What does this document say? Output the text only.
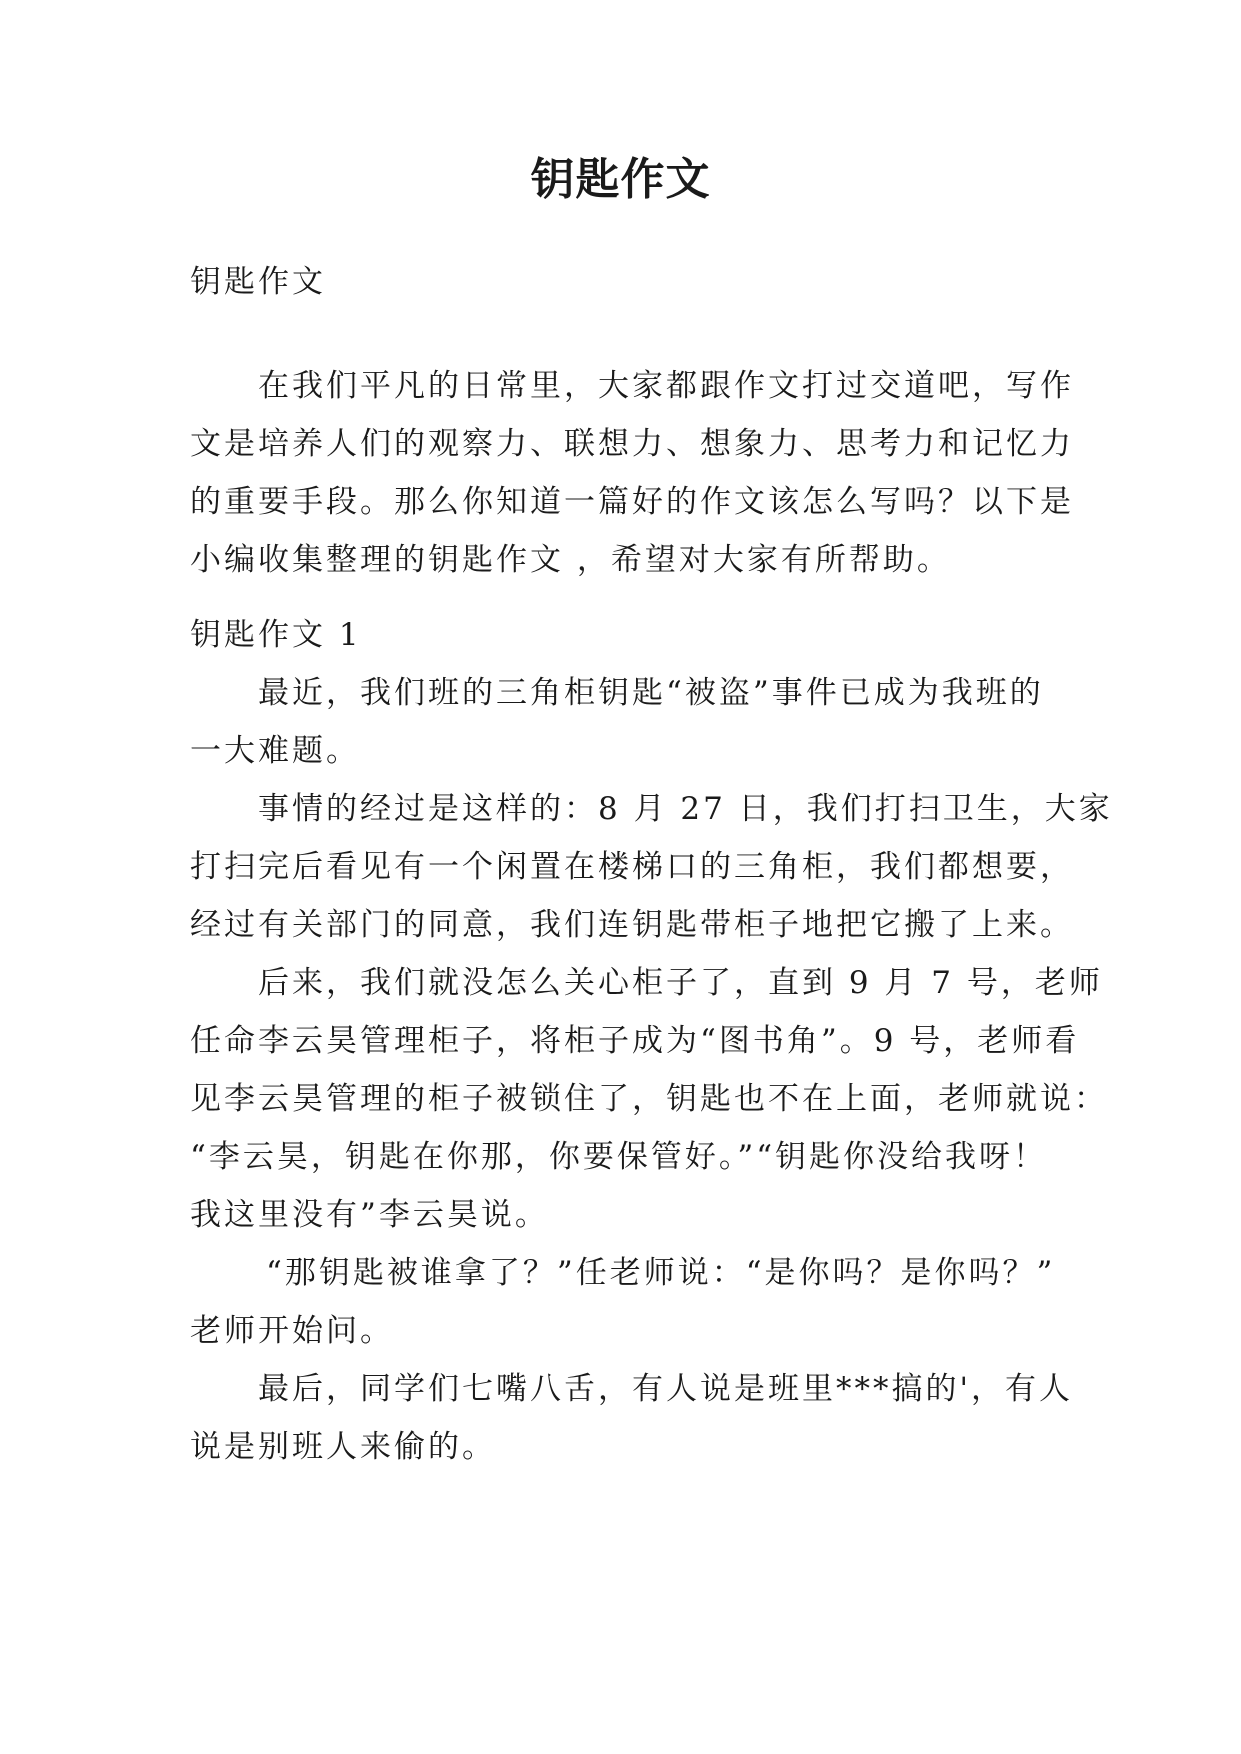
钥匙作文
钥匙作文
在我们平凡的日常里，大家都跟作文打过交道吧，写作
文是培养人们的观察力、联想力、想象力、思考力和记忆力
的重要手段。那么你知道一篇好的作文该怎么写吗？以下是
小编收集整理的钥匙作文 ，希望对大家有所帮助。
钥匙作文 1
最近，我们班的三角柜钥匙“被盗”事件已成为我班的
一大难题。
事情的经过是这样的：8 月 27 日，我们打扫卫生，大家
打扫完后看见有一个闲置在楼梯口的三角柜，我们都想要，
经过有关部门的同意，我们连钥匙带柜子地把它搬了上来。
后来，我们就没怎么关心柜子了，直到 9 月 7 号，老师
任命李云昊管理柜子，将柜子成为“图书角”。9 号，老师看
见李云昊管理的柜子被锁住了，钥匙也不在上面，老师就说：
“李云昊，钥匙在你那，你要保管好。”“钥匙你没给我呀！
我这里没有”李云昊说。
“那钥匙被谁拿了？”任老师说：“是你吗？是你吗？”
老师开始问。
最后，同学们七嘴八舌，有人说是班里***搞的'，有人
说是别班人来偷的。
